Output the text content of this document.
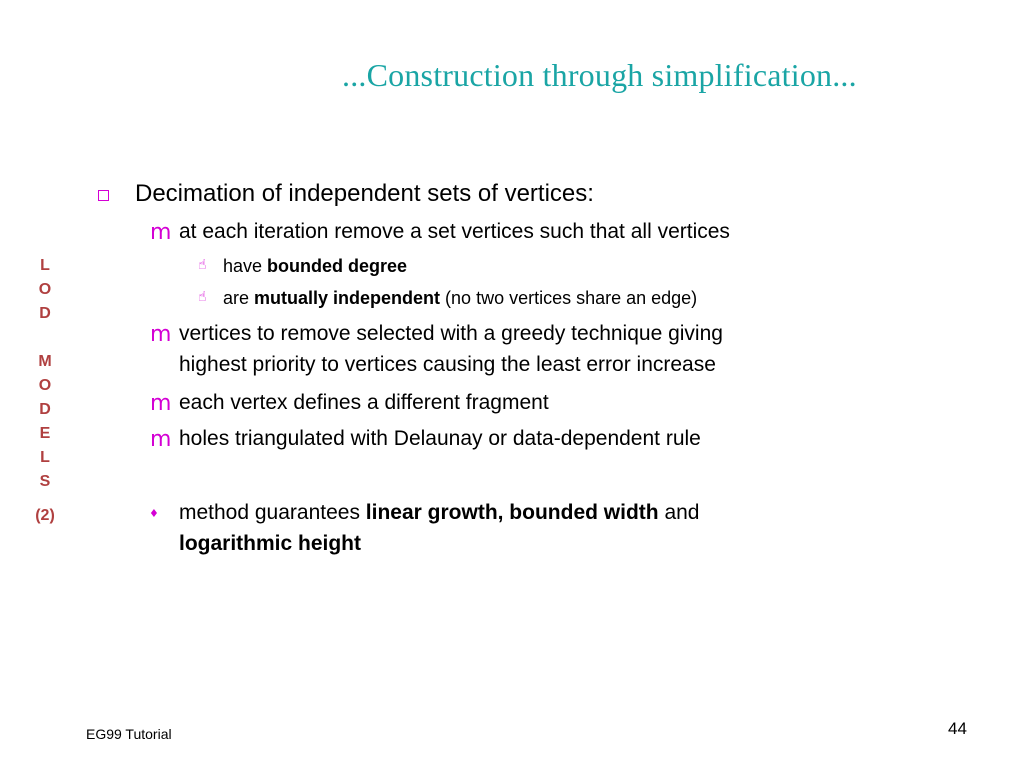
...Construction through simplification...
L
O
D
M
O
D
E
L
S
(2)
Decimation of independent sets of vertices:
m at each iteration remove a set vertices such that all vertices
☝ have bounded degree
☝ are mutually independent (no two vertices share an edge)
m vertices to remove selected with a greedy technique giving
highest priority to vertices causing the least error increase
m each vertex defines a different fragment
m holes triangulated with Delaunay or data-dependent rule
♦ method guarantees linear growth, bounded width and
logarithmic height
EG99 Tutorial	44
